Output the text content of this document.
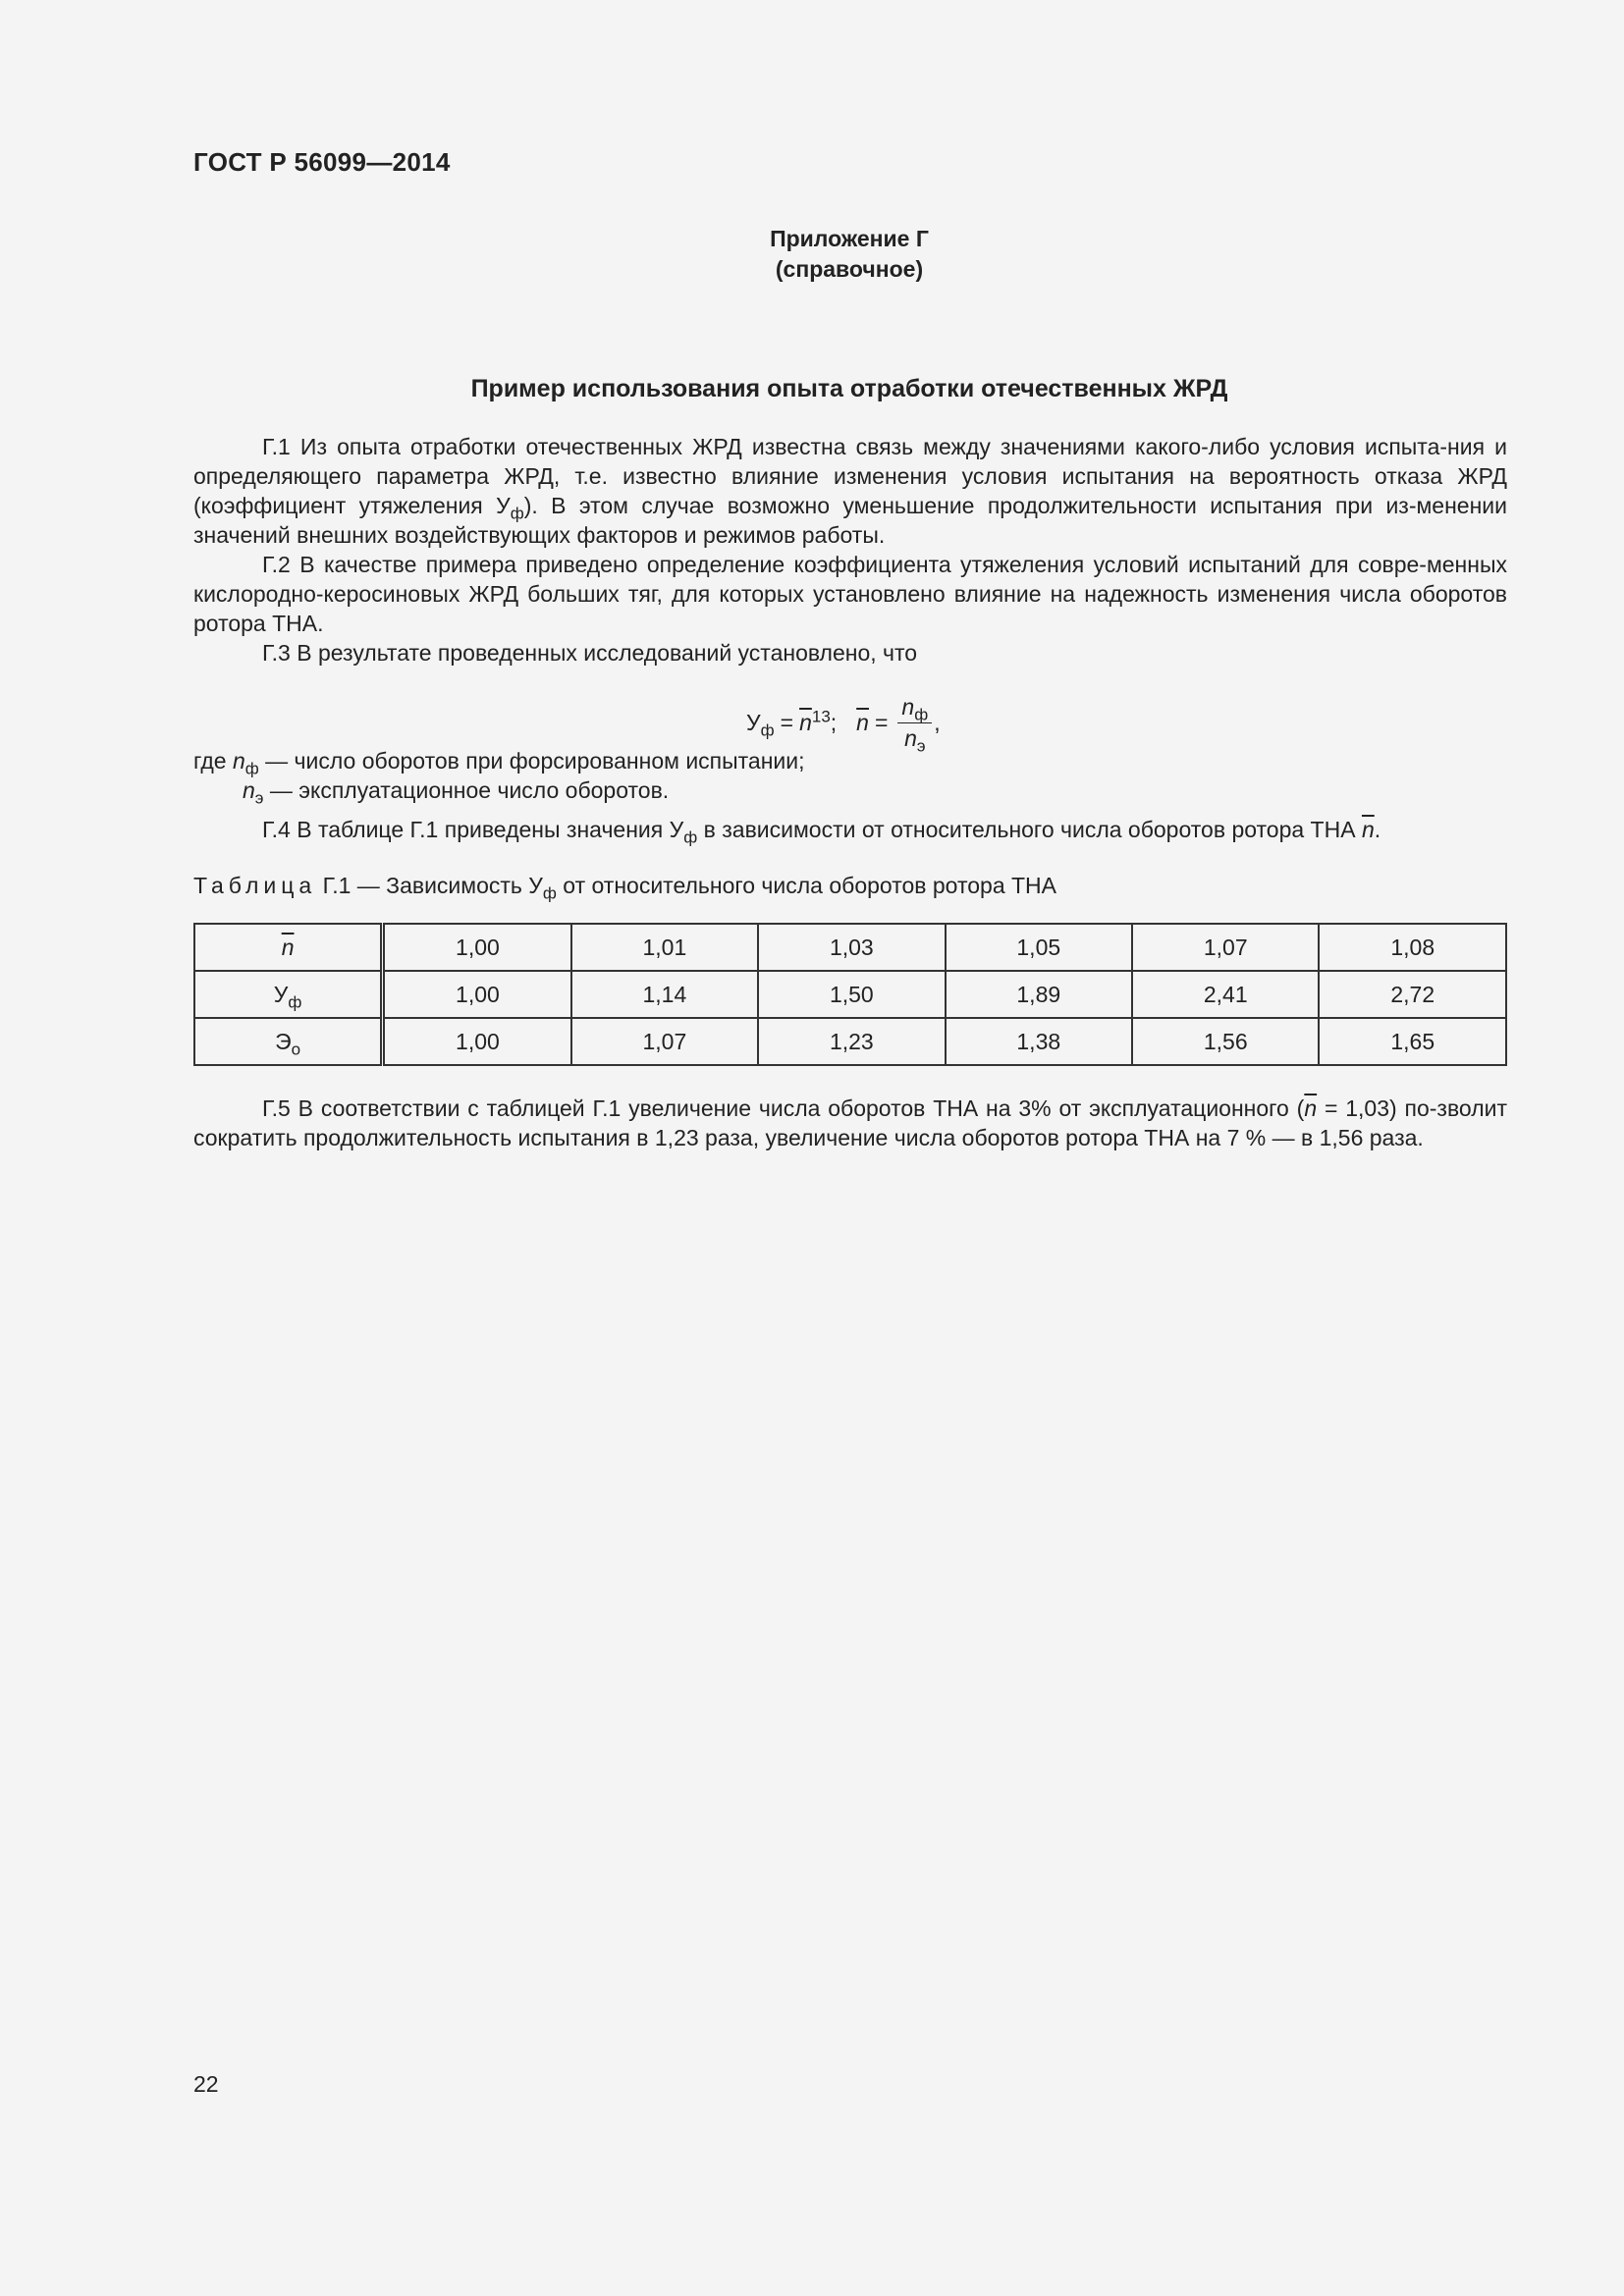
ГОСТ Р 56099—2014
Приложение Г
(справочное)
Пример использования опыта отработки отечественных ЖРД

Г.1 Из опыта отработки отечественных ЖРД известна связь между значениями какого-либо условия испыта-ния и определяющего параметра ЖРД, т.е. известно влияние изменения условия испытания на вероятность отказа ЖРД (коэффициент утяжеления $У_ф$). В этом случае возможно уменьшение продолжительности испытания при из-менении значений внешних воздействующих факторов и режимов работы.

Г.2 В качестве примера приведено определение коэффициента утяжеления условий испытаний для совре-менных кислородно-керосиновых ЖРД больших тяг, для которых установлено влияние на надежность изменения числа оборотов ротора ТНА.

Г.3 В результате проведенных исследований установлено, что

$У_ф = \overline{n}^{13}$; $\overline{n} = \frac{n_ф}{n_э}$ ,
где $n_ф$ — число оборотов при форсированном испытании;
$n_э$ — эксплуатационное число оборотов.

Г.4 В таблице Г.1 приведены значения $У_ф$ в зависимости от относительного числа оборотов ротора ТНА $\overline{n}$.

Таблица Г.1 — Зависимость $У_ф$ от относительного числа оборотов ротора ТНА
$\overline{n}$	1,00	1,01	1,03	1,05	1,07	1,08
$У_ф$	1,00	1,14	1,50	1,89	2,41	2,72
$Э_о$	1,00	1,07	1,23	1,38	1,56	1,65

Г.5 В соответствии с таблицей Г.1 увеличение числа оборотов ТНА на 3% от эксплуатационного $(\overline{n} = 1,03)$ по-зволит сократить продолжительность испытания в 1,23 раза, увеличение числа оборотов ротора ТНА на 7 % — в 1,56 раза.

22
